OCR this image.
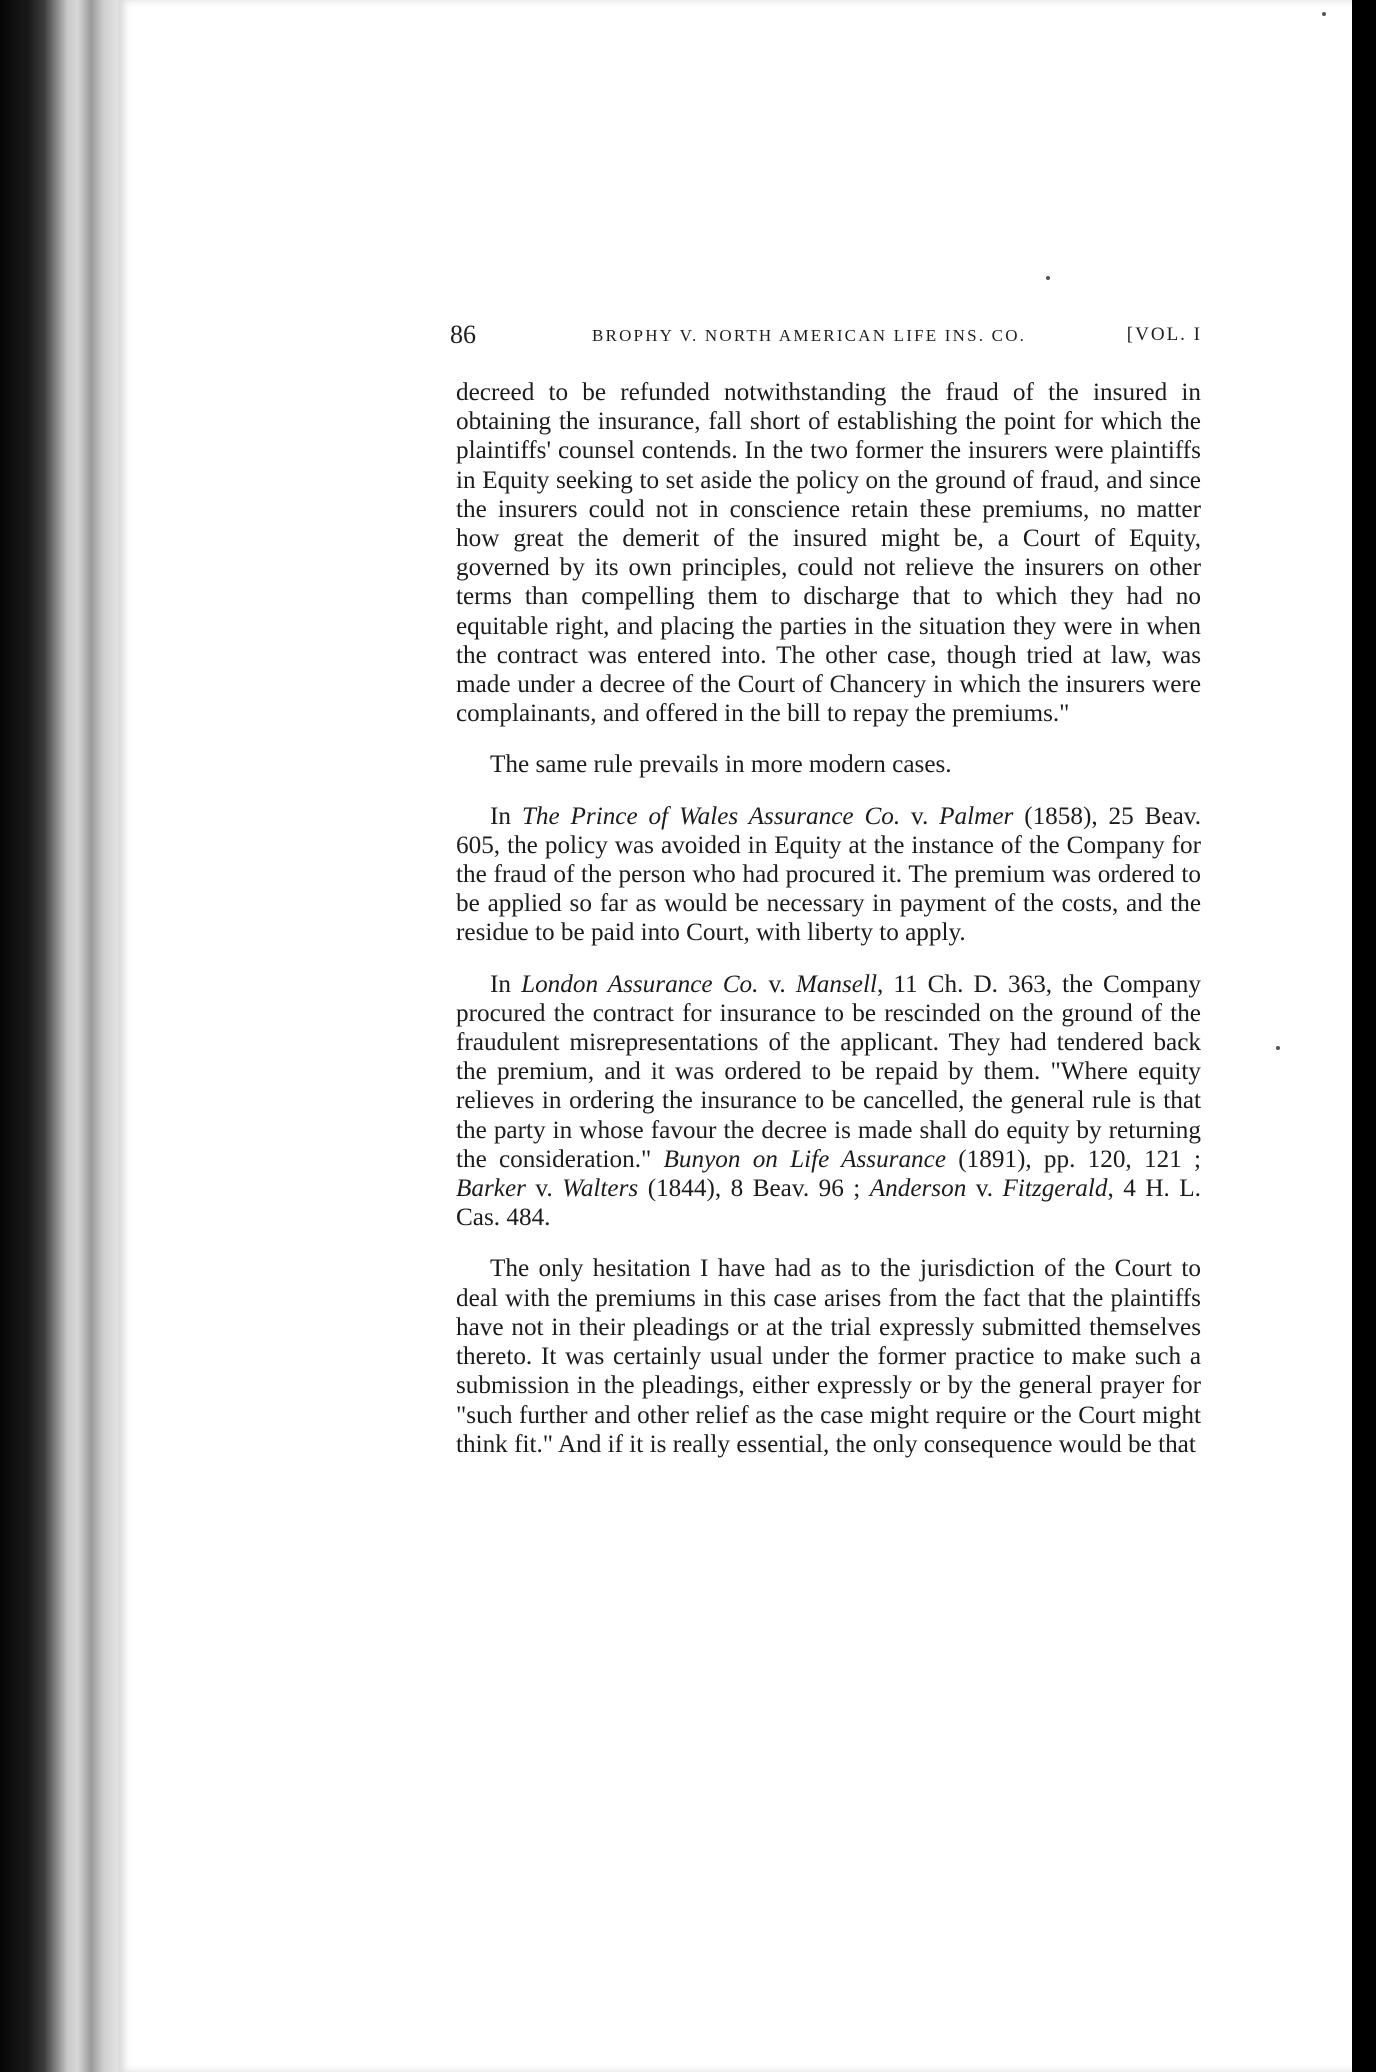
86	BROPHY V. NORTH AMERICAN LIFE INS. CO.	[VOL. I

decreed to be refunded notwithstanding the fraud of the insured in obtaining the insurance, fall short of establishing the point for which the plaintiffs' counsel contends. In the two former the insurers were plaintiffs in Equity seeking to set aside the policy on the ground of fraud, and since the insurers could not in conscience retain these premiums, no matter how great the demerit of the insured might be, a Court of Equity, governed by its own principles, could not relieve the insurers on other terms than compelling them to discharge that to which they had no equitable right, and placing the parties in the situation they were in when the contract was entered into. The other case, though tried at law, was made under a decree of the Court of Chancery in which the insurers were complainants, and offered in the bill to repay the premiums."

The same rule prevails in more modern cases.

In The Prince of Wales Assurance Co. v. Palmer (1858), 25 Beav. 605, the policy was avoided in Equity at the instance of the Company for the fraud of the person who had procured it. The premium was ordered to be applied so far as would be necessary in payment of the costs, and the residue to be paid into Court, with liberty to apply.

In London Assurance Co. v. Mansell, 11 Ch. D. 363, the Company procured the contract for insurance to be rescinded on the ground of the fraudulent misrepresentations of the applicant. They had tendered back the premium, and it was ordered to be repaid by them. "Where equity relieves in ordering the insurance to be cancelled, the general rule is that the party in whose favour the decree is made shall do equity by returning the consideration." Bunyon on Life Assurance (1891), pp. 120, 121 ; Barker v. Walters (1844), 8 Beav. 96 ; Anderson v. Fitzgerald, 4 H. L. Cas. 484.

The only hesitation I have had as to the jurisdiction of the Court to deal with the premiums in this case arises from the fact that the plaintiffs have not in their pleadings or at the trial expressly submitted themselves thereto. It was certainly usual under the former practice to make such a submission in the pleadings, either expressly or by the general prayer for "such further and other relief as the case might require or the Court might think fit." And if it is really essential, the only consequence would be that
